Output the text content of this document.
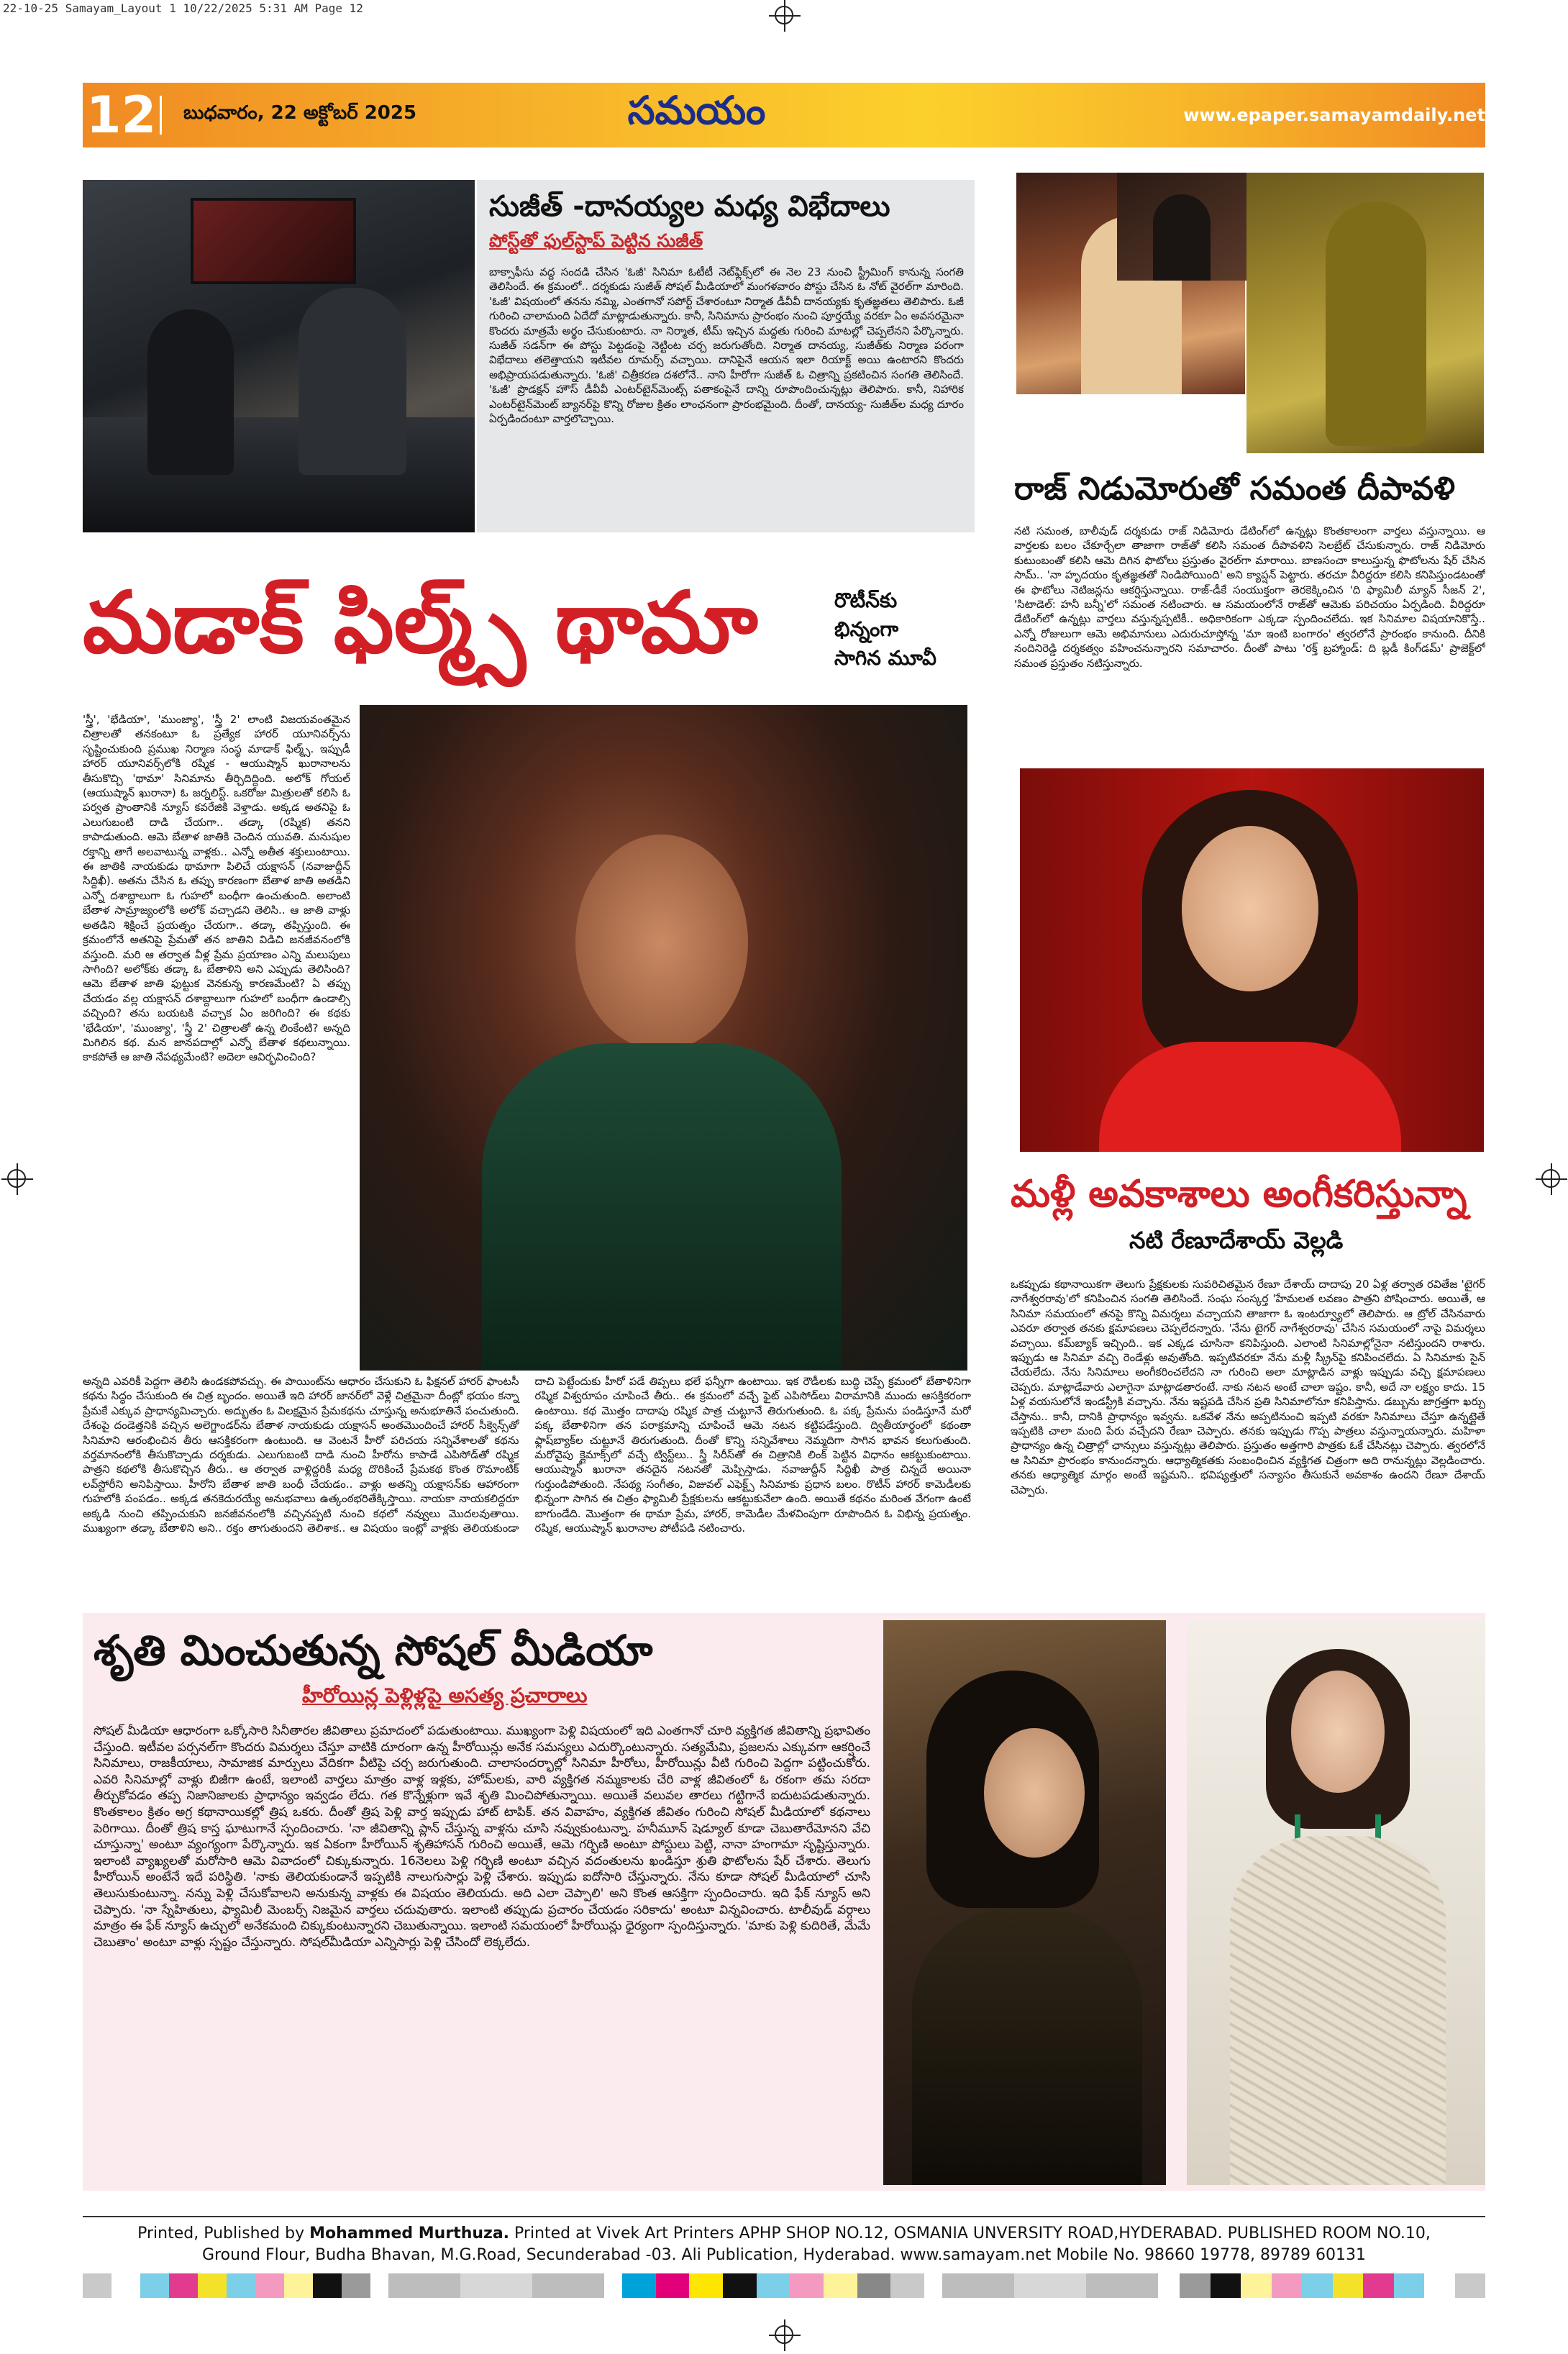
22-10-25 Samayam_Layout 1 10/22/2025 5:31 AM Page 12
12 బుధవారం, 22 అక్టోబర్ 2025	సమయం	www.epaper.samayamdaily.net
సుజీత్ -దానయ్యల మధ్య విభేదాలు
పోస్ట్‌తో ఫుల్‌స్టాప్ పెట్టిన సుజీత్
బాక్సాఫీసు వద్ద సందడి చేసిన 'ఓజీ' సినిమా ఓటీటీ నెట్‌ఫ్లిక్స్‌లో ఈ నెల 23 నుంచి స్ట్రీమింగ్ కానున్న సంగతి తెలిసిందే. ఈ క్రమంలో.. దర్శకుడు సుజీత్ సోషల్ మీడియాలో మంగళవారం పోస్టు చేసిన ఓ నోట్ వైరల్‌గా మారింది. 'ఓజీ' విషయంలో తనను నమ్మి, ఎంతగానో సపోర్ట్ చేశారంటూ నిర్మాత డీవీవీ దానయ్యకు కృతజ్ఞతలు తెలిపారు. ఓజీ గురించి చాలామంది ఏదేదో మాట్లాడుతున్నారు. కానీ, సినిమాను ప్రారంభం నుంచి పూర్తయ్యే వరకూ ఏం అవసరమైనా కొందరు మాత్రమే అర్థం చేసుకుంటారు. నా నిర్మాత, టీమ్ ఇచ్చిన మద్దతు గురించి మాటల్లో చెప్పలేనని పేర్కొన్నారు. సుజీత్ సడన్‌గా ఈ పోస్టు పెట్టడంపై నెట్టింట చర్చ జరుగుతోంది. నిర్మాత దానయ్య, సుజీత్‌కు నిర్మాణ పరంగా విభేదాలు తలెత్తాయని ఇటీవల రూమర్స్ వచ్చాయి. దానిపైనే ఆయన ఇలా రియాక్ట్ అయి ఉంటారని కొందరు అభిప్రాయపడుతున్నారు. 'ఓజీ' చిత్రీకరణ దశలోనే.. నాని హీరోగా సుజీత్ ఓ చిత్రాన్ని ప్రకటించిన సంగతి తెలిసిందే. 'ఓజీ' ప్రొడక్షన్ హౌస్ డీవీవీ ఎంటర్‌టైన్‌మెంట్స్ పతాకంపైనే దాన్ని రూపొందించున్నట్లు తెలిపారు. కానీ, నిహారిక ఎంటర్‌టైన్‌మెంట్ బ్యానర్‌పై కొన్ని రోజుల క్రితం లాంఛనంగా ప్రారంభమైంది. దీంతో, దానయ్య- సుజీత్‌ల మధ్య దూరం ఏర్పడిందంటూ వార్తలొచ్చాయి.
రాజ్ నిడుమోరుతో సమంత దీపావళి
నటి సమంత, బాలీవుడ్ దర్శకుడు రాజ్ నిడిమోరు డేటింగ్‌లో ఉన్నట్లు కొంతకాలంగా వార్తలు వస్తున్నాయి. ఆ వార్తలకు బలం చేకూర్చేలా తాజాగా రాజ్‌తో కలిసి సమంత దీపావళిని సెలబ్రేట్ చేసుకున్నారు. రాజ్ నిడిమోరు కుటుంబంతో కలిసి ఆమె దిగిన ఫొటోలు ప్రస్తుతం వైరల్‌గా మారాయి. బాణసంచా కాలుస్తున్న ఫొటోలను షేర్ చేసిన సామ్.. 'నా హృదయం కృతజ్ఞతతో నిండిపోయింది' అని క్యాప్షన్ పెట్టారు. తరచూ వీరిద్దరూ కలిసి కనిపిస్తుండటంతో ఈ ఫొటోలు నెటిజన్లను ఆకర్షిస్తున్నాయి. రాజ్-డీకే సంయుక్తంగా తెరకెక్కించిన 'ది ఫ్యామిలీ మ్యాన్ సీజన్ 2', 'సిటాడెల్: హనీ బన్నీ'లో సమంత నటించారు. ఆ సమయంలోనే రాజ్‌తో ఆమెకు పరిచయం ఏర్పడింది. వీరిద్దరూ డేటింగ్‌లో ఉన్నట్లు వార్తలు వస్తున్నప్పటికీ.. అధికారికంగా ఎక్కడా స్పందించలేదు. ఇక సినిమాల విషయానికొస్తే.. ఎన్నో రోజులుగా ఆమె అభిమానులు ఎదురుచూస్తోన్న 'మా ఇంటి బంగారం' త్వరలోనే ప్రారంభం కానుంది. దీనికి నందినిరెడ్డి దర్శకత్వం వహించనున్నారని సమాచారం. దీంతో పాటు 'రక్త్ బ్రహ్మాండ్: ది బ్లడీ కింగ్‌డమ్' ప్రాజెక్ట్‌లో సమంత ప్రస్తుతం నటిస్తున్నారు.
మడాక్ ఫిల్మ్స్ థామా	రొటీన్‌కు
భిన్నంగా
సాగిన మూవీ
'స్త్రీ', 'భేడియా', 'ముంజ్యా', 'స్త్రీ 2' లాంటి విజయవంతమైన చిత్రాలతో తనకంటూ ఓ ప్రత్యేక హారర్ యూనివర్స్‌ను సృష్టించుకుంది ప్రముఖ నిర్మాణ సంస్థ మాడాక్ ఫిల్మ్స్. ఇప్పుడీ హారర్ యూనివర్స్‌లోకి రష్మిక - ఆయుష్మాన్ ఖురానాలను తీసుకొచ్చి 'థామా' సినిమాను తీర్చిదిద్దింది. అలోక్ గోయల్ (ఆయుష్మాన్ ఖురానా) ఓ జర్నలిస్ట్. ఒకరోజు మిత్రులతో కలిసి ఓ పర్వత ప్రాంతానికి న్యూస్ కవరేజికి వెళ్తాడు. అక్కడ అతనిపై ఓ ఎలుగుబంటి దాడి చేయగా.. తడ్కా (రష్మిక) తనని కాపాడుతుంది. ఆమె బేతాళ జాతికి చెందిన యువతి. మనుషుల రక్తాన్ని తాగే అలవాటున్న వాళ్లకు.. ఎన్నో అతీత శక్తులుంటాయి. ఈ జాతికి నాయకుడు థామాగా పిలిచే యక్షాసన్ (నవాజుద్దీన్ సిద్దిఖీ). అతను చేసిన ఓ తప్పు కారణంగా బేతాళ జాతి అతడిని ఎన్నో దశాబ్దాలుగా ఓ గుహలో బంధీగా ఉంచుతుంది. అలాంటి బేతాళ సామ్రాజ్యంలోకి అలోక్ వచ్చాడని తెలిసి.. ఆ జాతి వాళ్లు అతడిని శిక్షించే ప్రయత్నం చేయగా.. తడ్కా తప్పిస్తుంది. ఈ క్రమంలోనే అతనిపై ప్రేమతో తన జాతిని విడిచి జనజీవనంలోకి వస్తుంది. మరి ఆ తర్వాత వీళ్ల ప్రేమ ప్రయాణం ఎన్ని మలుపులు సాగింది? అలోక్‌కు తడ్కా ఓ బేతాళిని అని ఎప్పుడు తెలిసింది? ఆమె బేతాళ జాతి ఫుట్టుక వెనకున్న కారణమేంటి? ఏ తప్పు చేయడం వల్ల యక్షాసన్ దశాబ్దాలుగా గుహలో బంధీగా ఉండాల్సి వచ్చింది? తను బయటకి వచ్చాక ఏం జరిగింది? ఈ కథకు 'భేడియా', 'ముంజ్యా', 'స్త్రీ 2' చిత్రాలతో ఉన్న లింకేంటి? అన్నది మిగిలిన కథ. మన జానపదాల్లో ఎన్నో బేతాళ కథలున్నాయి. కాకపోతే ఆ జాతి నేపథ్యమేంటి? అదెలా ఆవిర్భవించింది?
అన్నది ఎవరికీ పెద్దగా తెలిసి ఉండకపోవచ్చు. ఈ పాయింట్‌ను ఆధారం చేసుకుని ఓ ఫిక్షనల్ హారర్ ఫాంటసీ కథను సిద్ధం చేసుకుంది ఈ చిత్ర బృందం. అయితే ఇది హారర్ జానర్‌లో వెళ్లే చిత్రమైనా దీంట్లో భయం కన్నా ప్రేమకే ఎక్కువ ప్రాధాన్యమిచ్చారు. అద్భుతం ఓ విలక్షమైన ప్రేమకథను చూస్తున్న అనుభూతినే పంచుతుంది. దేశంపై దండెత్తనికి వచ్చిన అలెగ్జాండర్‌ను బేతాళ నాయకుడు యక్షాసన్ అంతమొందించే హారర్ సీక్వెన్స్‌తో సినిమాని ఆరంభించిన తీరు ఆసక్తికరంగా ఉంటుంది. ఆ వెంటనే హీరో పరిచయ సన్నివేశాలతో కథను వర్తమానంలోకి తీసుకొచ్చాడు దర్శకుడు. ఎలుగుబంటి దాడి నుంచి హీరోను కాపాడే ఎపిసోడ్‌తో రష్మిక పాత్రని కథలోకి తీసుకొచ్చిన తీరు.. ఆ తర్వాత వాళ్లిద్దరికీ మధ్య దొరికించే ప్రేమకథ కొంత రొమాంటిక్ లవ్‌స్టోరీని అనిపిస్తాయి. హీరోని బేతాళ జాతి బంధీ చేయడం.. వాళ్లు అతన్ని యక్షాసన్‌కు ఆహారంగా గుహలోకి పంపడం.. అక్కడ తనకెదురయ్యే అనుభవాలు ఉత్కంఠభరితేక్కిస్తాయి. నాయకా నాయకలిద్దరూ అక్కడి నుంచి తప్పించుకుని జనజీవనంలోకి వచ్చినప్పటి నుంచి కథలో నవ్వులు మొదలవుతాయి. ముఖ్యంగా తడ్కా బేతాళిని అని.. రక్తం తాగుతుందని తెలిశాక.. ఆ విషయం ఇంట్లో వాళ్లకు తెలియకుండా దాచి పెట్టేందుకు హీరో పడే తిప్పలు భలే ఫన్నీగా ఉంటాయి. ఇక రౌడీలకు బుద్ధి చెప్పే క్రమంలో బేతాళినిగా రష్మిక విశ్వరూపం చూపించే తీరు.. ఈ క్రమంలో వచ్చే ఫైట్ ఎపిసోడ్‌లు విరామానికి ముందు ఆసక్తికరంగా ఉంటాయి. కథ మొత్తం దాదాపు రష్మిక పాత్ర చుట్టూనే తిరుగుతుంది. ఓ పక్క ప్రేమను పండిస్తూనే మరో పక్క బేతాళినిగా తన పరాక్రమాన్ని చూపించే ఆమె నటన కట్టిపడేస్తుంది. ద్వితీయార్థంలో కథంతా ఫ్లాష్‌బ్యాక్‌ల చుట్టూనే తిరుగుతుంది. దీంతో కొన్ని సన్నివేశాలు నెమ్మదిగా సాగిన భావన కలుగుతుంది. మరోవైపు క్లైమాక్స్‌లో వచ్చే ట్విస్ట్‌లు.. స్త్రీ సిరీస్‌తో ఈ చిత్రానికి లింక్ పెట్టిన విధానం ఆకట్టుకుంటాయి. ఆయుష్మాన్ ఖురానా తనదైన నటనతో మెప్పిస్తాడు. నవాజుద్దీన్ సిద్దిఖీ పాత్ర చిన్నదే అయినా గుర్తుండిపోతుంది. నేపథ్య సంగీతం, విజువల్ ఎఫెక్ట్స్ సినిమాకు ప్రధాన బలం. రొటీన్ హారర్ కామెడీలకు భిన్నంగా సాగిన ఈ చిత్రం ఫ్యామిలీ ప్రేక్షకులను ఆకట్టుకునేలా ఉంది. అయితే కథనం మరింత వేగంగా ఉంటే బాగుండేది. మొత్తంగా ఈ థామా ప్రేమ, హారర్, కామెడీల మేళవింపుగా రూపొందిన ఓ విభిన్న ప్రయత్నం. రష్మిక, ఆయుష్మాన్ ఖురానాల పోటీపడి నటించారు.
మళ్లీ అవకాశాలు అంగీకరిస్తున్నా
నటి రేణూదేశాయ్ వెల్లడి
ఒకప్పుడు కథానాయికగా తెలుగు ప్రేక్షకులకు సుపరిచితమైన రేణూ దేశాయ్ దాదాపు 20 ఏళ్ల తర్వాత రవితేజ 'టైగర్ నాగేశ్వరరావు'లో కనిపించిన సంగతి తెలిసిందే. సంఘ సంస్కర్త 'హేమలత లవణం పాత్రని పోషించారు. అయితే, ఆ సినిమా సమయంలో తనపై కొన్ని విమర్శలు వచ్చాయని తాజాగా ఓ ఇంటర్వ్యూలో తెలిపారు. ఆ ట్రోల్ చేసినవారు ఎవరూ తర్వాత తనకు క్షమాపణలు చెప్పలేదన్నారు. 'నేను టైగర్ నాగేశ్వరరావు' చేసిన సమయంలో నాపై విమర్శలు వచ్చాయి. కమ్‌బ్యాక్ ఇచ్చింది.. ఇక ఎక్కడ చూసినా కనిపిస్తుంది. ఎలాంటి సినిమాల్లోనైనా నటిస్తుందని రాశారు. ఇప్పుడు ఆ సినిమా వచ్చి రెండేళ్లు అవుతోంది. ఇప్పటివరకూ నేను మళ్లీ స్క్రీన్‌పై కనిపించలేదు. ఏ సినిమాకు సైన్ చేయలేదు. నేను సినిమాలు అంగీకరించలేదని నా గురించి అలా మాట్లాడిన వాళ్లు ఇప్పుడు వచ్చి క్షమాపణలు చెప్పరు. మాట్లాడేవారు ఎలాగైనా మాట్లాడతారంటే. నాకు నటన అంటే చాలా ఇష్టం. కానీ, అదే నా లక్ష్యం కాదు. 15 ఏళ్ల వయసులోనే ఇండస్ట్రీకి వచ్చాను. నేను ఇష్టపడి చేసిన ప్రతి సినిమాలోనూ కనిపిస్తాను. డబ్బును జాగ్రత్తగా ఖర్చు చేస్తాను.. కానీ, దానికి ప్రాధాన్యం ఇవ్వను. ఒకవేళ నేను అప్పటినుంచి ఇప్పటి వరకూ సినిమాలు చేస్తూ ఉన్నట్లైతే ఇప్పటికి చాలా మంది పేరు వచ్చేదని రేణూ చెప్పారు. తనకు ఇప్పుడు గొప్ప పాత్రలు వస్తున్నాయన్నారు. మహిళా ప్రాధాన్యం ఉన్న చిత్రాల్లో ఛాన్సులు వస్తున్నట్లు తెలిపారు. ప్రస్తుతం అత్తగారి పాత్రకు ఓకే చేసినట్లు చెప్పారు. త్వరలోనే ఆ సినిమా ప్రారంభం కానుందన్నారు. ఆధ్యాత్మికతకు సంబంధించిన వ్యక్తిగత చిత్రంగా అది రానున్నట్లు వెల్లడించారు. తనకు ఆధ్యాత్మిక మార్గం అంటే ఇష్టమని.. భవిష్యత్తులో సన్యాసం తీసుకునే అవకాశం ఉందని రేణూ దేశాయ్ చెప్పారు.
శృతి మించుతున్న సోషల్ మీడియా
హీరోయిన్ల పెళ్లిళ్లపై అసత్య ప్రచారాలు
సోషల్ మీడియా ఆధారంగా ఒక్కోసారి సినీతారల జీవితాలు ప్రమాదంలో పడుతుంటాయి. ముఖ్యంగా పెళ్లి విషయంలో ఇది ఎంతగానో చూరి వ్యక్తిగత జీవితాన్ని ప్రభావితం చేస్తుంది. ఇటీవల పర్సనల్‌గా కొందరు విమర్శలు చేస్తూ వాటికి దూరంగా ఉన్న హీరోయిన్లు అనేక సమస్యలు ఎదుర్కొంటున్నారు. సత్యమేమి, ప్రజలను ఎక్కువగా ఆకర్షించే సినిమాలు, రాజకీయాలు, సామాజిక మార్పులు వేదికగా వీటిపై చర్చ జరుగుతుంది. చాలాసందర్భాల్లో సినిమా హీరోలు, హీరోయిన్లు వీటి గురించి పెద్దగా పట్టించుకోరు. ఎవరి సినిమాల్లో వాళ్లు బిజీగా ఉంటే, ఇలాంటి వార్తలు మాత్రం వాళ్ల ఇళ్లకు, హోమ్‌లకు, వారి వ్యక్తిగత నమ్మకాలకు చేరి వాళ్ల జీవితంలో ఓ రకంగా తమ సరదా తీర్చుకోవడం తప్ప నిజానిజాలకు ప్రాధాన్యం ఇవ్వడం లేదు. గత కొన్నేళ్లుగా ఇవే శృతి మించిపోతున్నాయి. అయితే వలువల తారలు గట్టిగానే ఐదుటపడుతున్నారు. కొంతకాలం క్రితం అగ్ర కథానాయికల్లో త్రిష ఒకరు. దీంతో త్రిష పెళ్లి వార్త ఇప్పుడు హాట్ టాపిక్. తన వివాహం, వ్యక్తిగత జీవితం గురించి సోషల్ మీడియాలో కథనాలు పెరిగాయి. దీంతో త్రిష కాస్త ఘాటుగానే స్పందించారు. 'నా జీవితాన్ని ప్లాన్ చేస్తున్న వాళ్లను చూసి నవ్వుకుంటున్నా. హనీమూన్ షెడ్యూల్ కూడా చెబుతారేమోనని వేచి చూస్తున్నా' అంటూ వ్యంగ్యంగా పేర్కొన్నారు. ఇక ఏకంగా హీరోయిన్ శృతిహాసన్ గురించి అయితే, ఆమె గర్భిణి అంటూ పోస్టులు పెట్టి, నానా హంగామా సృష్టిస్తున్నారు. ఇలాంటి వ్యాఖ్యలతో మరోసారి ఆమె వివాదంలో చిక్కుకున్నారు. 16నెలలు పెళ్లి గర్భిణి అంటూ వచ్చిన వదంతులను ఖండిస్తూ శ్రుతి ఫొటోలను షేర్ చేశారు. తెలుగు హీరోయిన్ అంటేనే ఇదే పరిస్థితి. 'నాకు తెలియకుండానే ఇప్పటికి నాలుగుసార్లు పెళ్లి చేశారు. ఇప్పుడు ఐదోసారి చేస్తున్నారు. నేను కూడా సోషల్ మీడియాలో చూసి తెలుసుకుంటున్నా. నన్ను పెళ్లి చేసుకోవాలని అనుకున్న వాళ్లకు ఈ విషయం తెలియదు. అది ఎలా చెప్పాలి' అని కొంత ఆసక్తిగా స్పందించారు. ఇది ఫేక్ న్యూస్ అని చెప్పారు. 'నా స్నేహితులు, ఫ్యామిలీ మెంబర్స్ నిజమైన వార్తలు చదువుతారు. ఇలాంటి తప్పుడు ప్రచారం చేయడం సరికాదు' అంటూ విన్నవించారు. టాలీవుడ్ వర్గాలు మాత్రం ఈ ఫేక్ న్యూస్ ఉచ్చులో అనేకమంది చిక్కుకుంటున్నారని చెబుతున్నాయి. ఇలాంటి సమయంలో హీరోయిన్లు ధైర్యంగా స్పందిస్తున్నారు. 'మాకు పెళ్లి కుదిరితే, మేమే చెబుతాం' అంటూ వాళ్లు స్పష్టం చేస్తున్నారు. సోషల్‌మీడియా ఎన్నిసార్లు పెళ్లి చేసిందో లెక్కలేదు.
Printed, Published by Mohammed Murthuza. Printed at Vivek Art Printers APHP SHOP NO.12, OSMANIA UNVERSITY ROAD,HYDERABAD. PUBLISHED ROOM NO.10,
Ground Flour, Budha Bhavan, M.G.Road, Secunderabad -03. Ali Publication, Hyderabad. www.samayam.net Mobile No. 98660 19778, 89789 60131
